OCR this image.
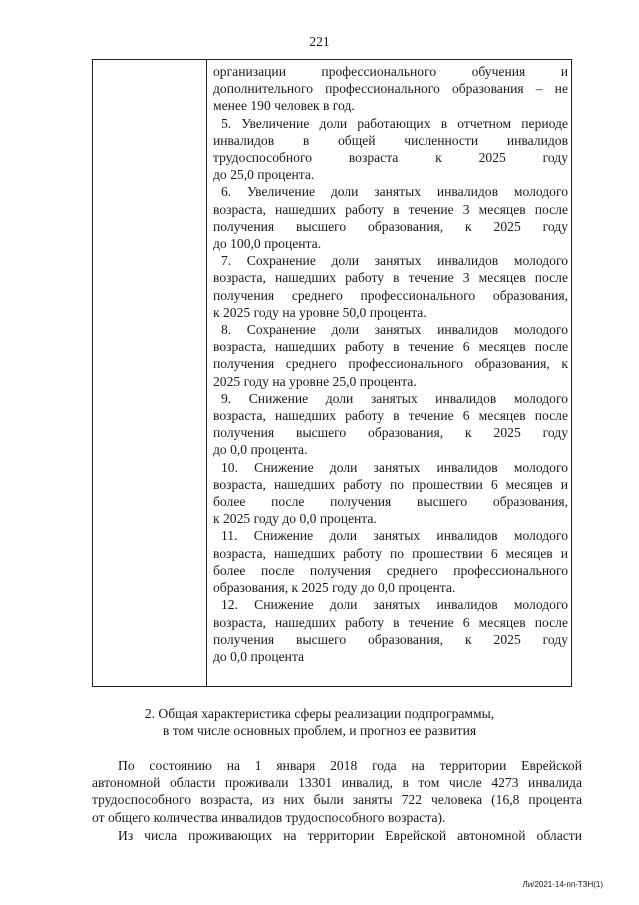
221
организации профессионального обучения и
дополнительного профессионального образования – не
менее 190 человек в год.
5. Увеличение доли работающих в отчетном периоде
инвалидов в общей численности инвалидов
трудоспособного возраста к 2025 году
до 25,0 процента.
6. Увеличение доли занятых инвалидов молодого
возраста, нашедших работу в течение 3 месяцев после
получения высшего образования, к 2025 году
до 100,0 процента.
7. Сохранение доли занятых инвалидов молодого
возраста, нашедших работу в течение 3 месяцев после
получения среднего профессионального образования,
к 2025 году на уровне 50,0 процента.
8. Сохранение доли занятых инвалидов молодого
возраста, нашедших работу в течение 6 месяцев после
получения среднего профессионального образования, к
2025 году на уровне 25,0 процента.
9. Снижение доли занятых инвалидов молодого
возраста, нашедших работу в течение 6 месяцев после
получения высшего образования, к 2025 году
до 0,0 процента.
10. Снижение доли занятых инвалидов молодого
возраста, нашедших работу по прошествии 6 месяцев и
более после получения высшего образования,
к 2025 году до 0,0 процента.
11. Снижение доли занятых инвалидов молодого
возраста, нашедших работу по прошествии 6 месяцев и
более после получения среднего профессионального
образования, к 2025 году до 0,0 процента.
12. Снижение доли занятых инвалидов молодого
возраста, нашедших работу в течение 6 месяцев после
получения высшего образования, к 2025 году
до 0,0 процента
2. Общая характеристика сферы реализации подпрограммы,
в том числе основных проблем, и прогноз ее развития
По состоянию на 1 января 2018 года на территории Еврейской
автономной области проживали 13301 инвалид, в том числе 4273 инвалида
трудоспособного возраста, из них были заняты 722 человека (16,8 процента
от общего количества инвалидов трудоспособного возраста).
Из числа проживающих на территории Еврейской автономной области
Ли/2021-14-пп-ТЗН(1)
